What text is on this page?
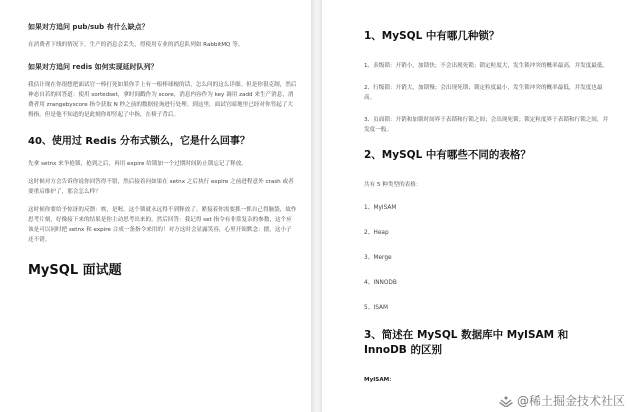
如果对方追问 pub/sub 有什么缺点？
在消费者下线的情况下，生产的消息会丢失，得使用专业的消息队列如 RabbitMQ 等。
如果对方追问 redis 如何实现延时队列？
我估计现在你很想把面试官一棒打死如果你手上有一根棒球棍的话，怎么问的这么详细。但是你很克制，然后神态自若的回答道：使用 sortedset，拿时间戳作为 score，消息内容作为 key 调用 zadd 来生产消息，消费者用 zrangebyscore 指令获取 N 秒之前的数据轮询进行处理。到这里，面试官暗地里已经对你竖起了大拇指。但是他不知道的是此刻你却竖起了中指，在椅子背后。
40、使用过 Redis 分布式锁么，它是什么回事？
先拿 setnx 来争抢锁，抢到之后，再用 expire 给锁加一个过期时间防止锁忘记了释放。
这时候对方会告诉你说你回答得不错，然后接着问如果在 setnx 之后执行 expire 之前进程意外 crash 或者要重启维护了，那会怎么样？
这时候你要给予惊讶的反馈：唉，是喔，这个锁就永远得不到释放了。紧接着你需要抓一抓自己得脑袋，故作思考片刻，好像接下来的结果是你主动思考出来的，然后回答：我记得 set 指令有非常复杂的参数，这个应该是可以同时把 setnx 和 expire 合成一条指令来用的！对方这时会显露笑容，心里开始默念：摁，这小子还不错。
MySQL 面试题
1、MySQL 中有哪几种锁？
1、表级锁：开销小，加锁快；不会出现死锁；锁定粒度大，发生锁冲突的概率最高，并发度最低。
2、行级锁：开销大，加锁慢；会出现死锁；锁定粒度最小，发生锁冲突的概率最低，并发度也最高。
3、页面锁：开销和加锁时间界于表锁和行锁之间；会出现死锁；锁定粒度界于表锁和行锁之间，并发度一般。
2、MySQL 中有哪些不同的表格？
共有 5 种类型的表格：
1、MyISAM
2、Heap
3、Merge
4、INNODB
5、ISAM
3、简述在 MySQL 数据库中 MyISAM 和 InnoDB 的区别
MyISAM：
@稀土掘金技术社区
